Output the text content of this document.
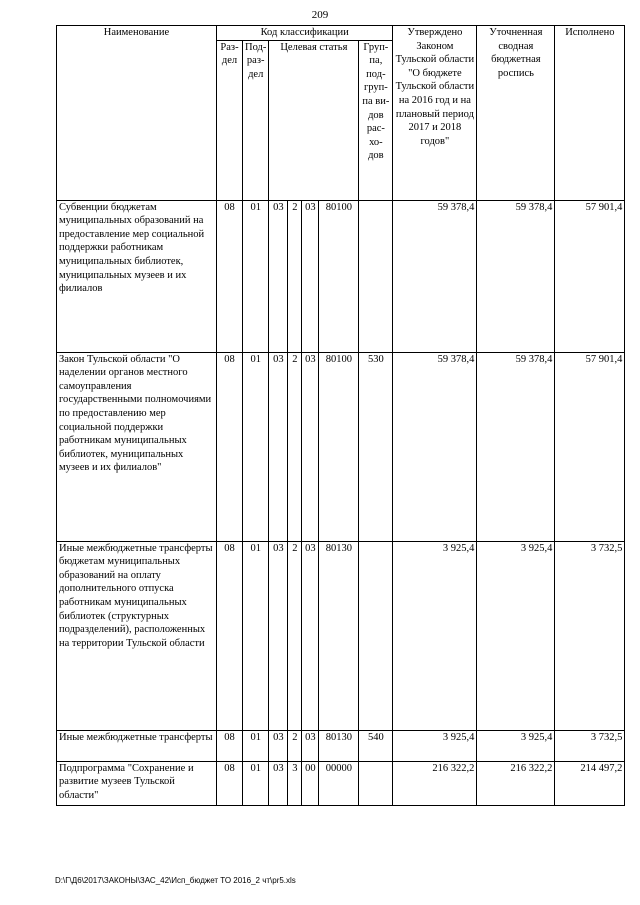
209
Наименование	Код классификации							Утверждено Законом Тульской области "О бюджете Тульской области на 2016 год и на плановый период 2017 и 2018 годов"	Уточненная сводная бюджетная роспись	Исполнено
	Раз-дел	Под-раз-дел	Целевая статья				Груп-па, под-груп-па ви-дов рас-хо-дов			
Субвенции бюджетам муниципальных образований на предоставление мер социальной поддержки работникам муниципальных библиотек, муниципальных музеев и их филиалов	08	01	03	2	03	80100		59 378,4	59 378,4	57 901,4
Закон Тульской области "О наделении органов местного самоуправления государственными полномочиями по предоставлению мер социальной поддержки работникам муниципальных библиотек, муниципальных музеев и их филиалов"	08	01	03	2	03	80100	530	59 378,4	59 378,4	57 901,4
Иные межбюджетные трансферты бюджетам муниципальных образований на оплату дополнительного отпуска работникам муниципальных библиотек (структурных подразделений), расположенных на территории Тульской области	08	01	03	2	03	80130		3 925,4	3 925,4	3 732,5
Иные межбюджетные трансферты	08	01	03	2	03	80130	540	3 925,4	3 925,4	3 732,5
Подпрограмма "Сохранение и развитие музеев Тульской области"	08	01	03	3	00	00000		216 322,2	216 322,2	214 497,2
D:\Г\Д6\2017\ЗАКОНЫ\ЗАС_42\Исп_бюджет ТО 2016_2 чт\pr5.xls
